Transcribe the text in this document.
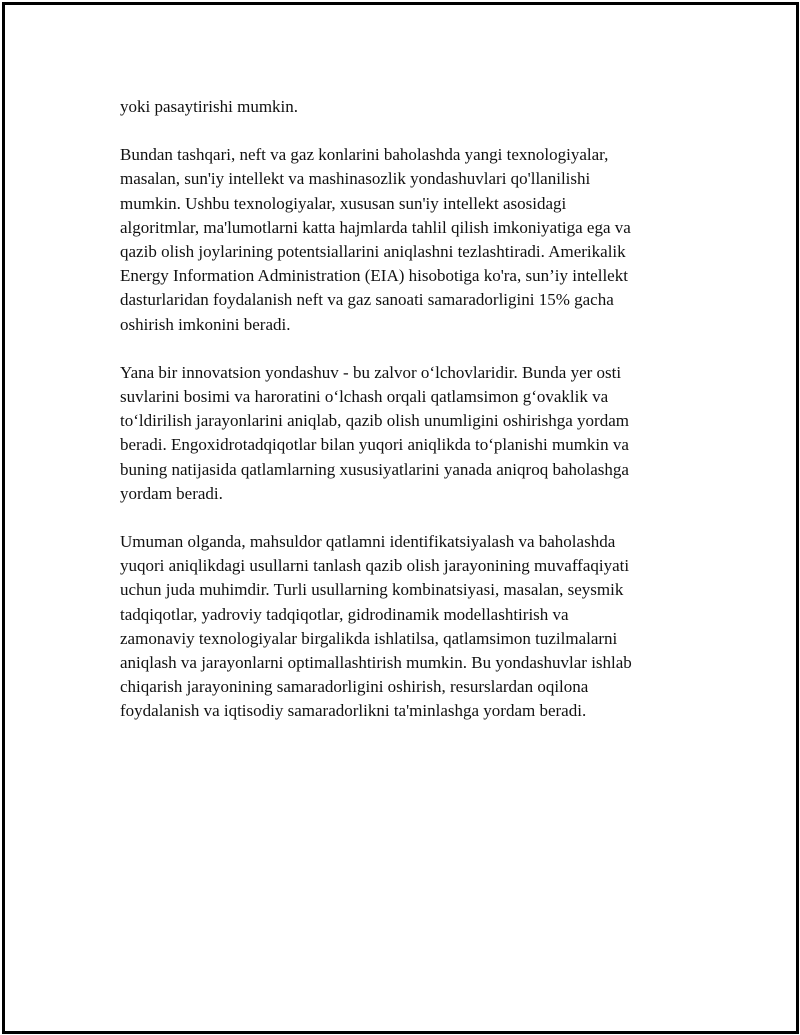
yoki pasaytirishi mumkin.

Bundan tashqari, neft va gaz konlarini baholashda yangi texnologiyalar,
masalan, sun'iy intellekt va mashinasozlik yondashuvlari qo'llanilishi
mumkin. Ushbu texnologiyalar, xususan sun'iy intellekt asosidagi
algoritmlar, ma'lumotlarni katta hajmlarda tahlil qilish imkoniyatiga ega va
qazib olish joylarining potentsiallarini aniqlashni tezlashtiradi. Amerikalik
Energy Information Administration (EIA) hisobotiga ko'ra, sun’iy intellekt
dasturlaridan foydalanish neft va gaz sanoati samaradorligini 15% gacha
oshirish imkonini beradi.

Yana bir innovatsion yondashuv - bu zalvor o‘lchovlaridir. Bunda yer osti
suvlarini bosimi va haroratini o‘lchash orqali qatlamsimon g‘ovaklik va
to‘ldirilish jarayonlarini aniqlab, qazib olish unumligini oshirishga yordam
beradi. Engoxidrotadqiqotlar bilan yuqori aniqlikda to‘planishi mumkin va
buning natijasida qatlamlarning xususiyatlarini yanada aniqroq baholashga
yordam beradi.

Umuman olganda, mahsuldor qatlamni identifikatsiyalash va baholashda
yuqori aniqlikdagi usullarni tanlash qazib olish jarayonining muvaffaqiyati
uchun juda muhimdir. Turli usullarning kombinatsiyasi, masalan, seysmik
tadqiqotlar, yadroviy tadqiqotlar, gidrodinamik modellashtirish va
zamonaviy texnologiyalar birgalikda ishlatilsa, qatlamsimon tuzilmalarni
aniqlash va jarayonlarni optimallashtirish mumkin. Bu yondashuvlar ishlab
chiqarish jarayonining samaradorligini oshirish, resurslardan oqilona
foydalanish va iqtisodiy samaradorlikni ta'minlashga yordam beradi.
